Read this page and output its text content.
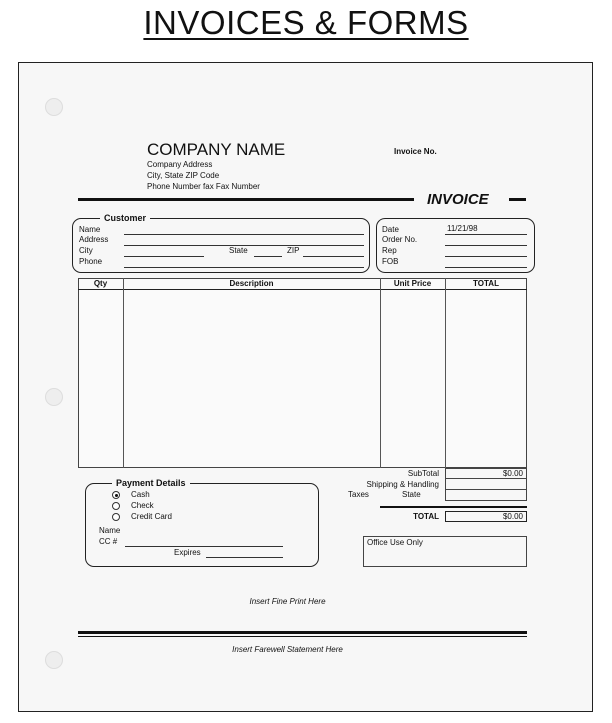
INVOICES & FORMS
COMPANY NAME
Company Address
City, State ZIP Code
Phone Number fax Fax Number
Invoice No.
INVOICE
Customer
Name
Address
City	State	ZIP
Phone
Date	11/21/98
Order No.
Rep
FOB
Qty	Description	Unit Price	TOTAL
SubTotal	$0.00
Shipping & Handling
Taxes	State
TOTAL	$0.00
Payment Details
Cash
Check
Credit Card
Name
CC #
Expires
Office Use Only
Insert Fine Print Here
Insert Farewell Statement Here
